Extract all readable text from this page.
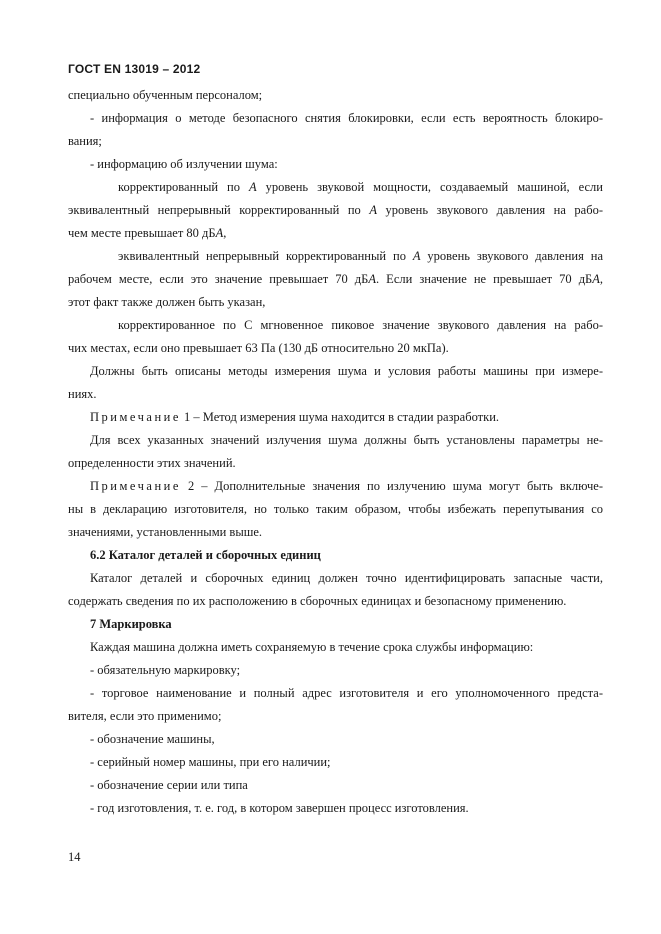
ГОСТ EN 13019 – 2012
специально обученным персоналом;
- информация о методе безопасного снятия блокировки, если есть вероятность блокиро-
вания;
- информацию об излучении шума:
корректированный по A уровень звуковой мощности, создаваемый машиной, если
эквивалентный непрерывный корректированный по A уровень звукового давления на рабо-
чем месте превышает 80 дБA,
эквивалентный непрерывный корректированный по A уровень звукового давления на
рабочем месте, если это значение превышает 70 дБA. Если значение не превышает 70 дБA,
этот факт также должен быть указан,
корректированное по С мгновенное пиковое значение звукового давления на рабо-
чих местах, если оно превышает 63 Па (130 дБ относительно 20 мкПа).
Должны быть описаны методы измерения шума и условия работы машины при измере-
ниях.
Примечание 1 – Метод измерения шума находится в стадии разработки.
Для всех указанных значений излучения шума должны быть установлены параметры не-
определенности этих значений.
Примечание 2 – Дополнительные значения по излучению шума могут быть включе-
ны в декларацию изготовителя, но только таким образом, чтобы избежать перепутывания со
значениями, установленными выше.
6.2 Каталог деталей и сборочных единиц
Каталог деталей и сборочных единиц должен точно идентифицировать запасные части,
содержать сведения по их расположению в сборочных единицах и безопасному применению.
7 Маркировка
Каждая машина должна иметь сохраняемую в течение срока службы информацию:
- обязательную маркировку;
- торговое наименование и полный адрес изготовителя и его уполномоченного предста-
вителя, если это применимо;
- обозначение машины,
- серийный номер машины, при его наличии;
- обозначение серии или типа
- год изготовления, т. е. год, в котором завершен процесс изготовления.
14
